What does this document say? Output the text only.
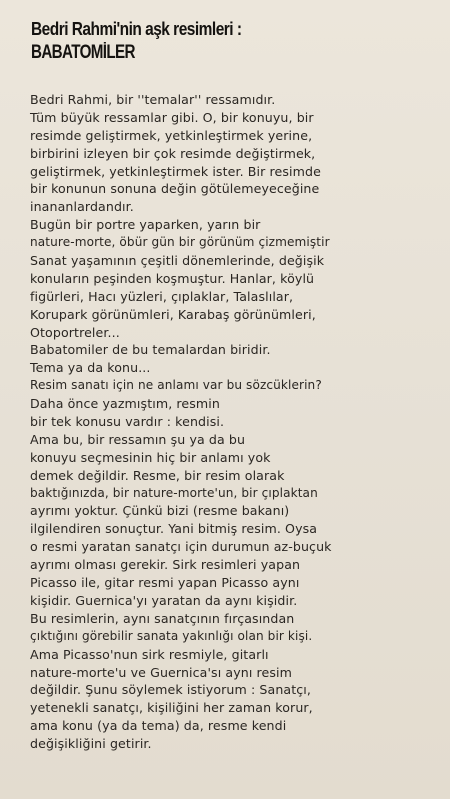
Bedri Rahmi'nin aşk resimleri :
BABATOMİLER
Bedri Rahmi, bir ''temalar'' ressamıdır.
Tüm büyük ressamlar gibi. O, bir konuyu, bir
resimde geliştirmek, yetkinleştirmek yerine,
birbirini izleyen bir çok resimde değiştirmek,
geliştirmek, yetkinleştirmek ister. Bir resimde
bir konunun sonuna değin götülemeyeceğine
inananlardandır.
Bugün bir portre yaparken, yarın bir
nature-morte, öbür gün bir görünüm çizmemiştir
Sanat yaşamının çeşitli dönemlerinde, değişik
konuların peşinden koşmuştur. Hanlar, köylü
figürleri, Hacı yüzleri, çıplaklar, Talaslılar,
Korupark görünümleri, Karabaş görünümleri,
Otoportreler...
Babatomiler de bu temalardan biridir.
Tema ya da konu...
Resim sanatı için ne anlamı var bu sözcüklerin?
Daha önce yazmıştım, resmin
bir tek konusu vardır : kendisi.
Ama bu, bir ressamın şu ya da bu
konuyu seçmesinin hiç bir anlamı yok
demek değildir. Resme, bir resim olarak
baktığınızda, bir nature-morte'un, bir çıplaktan
ayrımı yoktur. Çünkü bizi (resme bakanı)
ilgilendiren sonuçtur. Yani bitmiş resim. Oysa
o resmi yaratan sanatçı için durumun az-buçuk
ayrımı olması gerekir. Sirk resimleri yapan
Picasso ile, gitar resmi yapan Picasso aynı
kişidir. Guernica'yı yaratan da aynı kişidir.
Bu resimlerin, aynı sanatçının fırçasından
çıktığını görebilir sanata yakınlığı olan bir kişi.
Ama Picasso'nun sirk resmiyle, gitarlı
nature-morte'u ve Guernica'sı aynı resim
değildir. Şunu söylemek istiyorum : Sanatçı,
yetenekli sanatçı, kişiliğini her zaman korur,
ama konu (ya da tema) da, resme kendi
değişikliğini getirir.
